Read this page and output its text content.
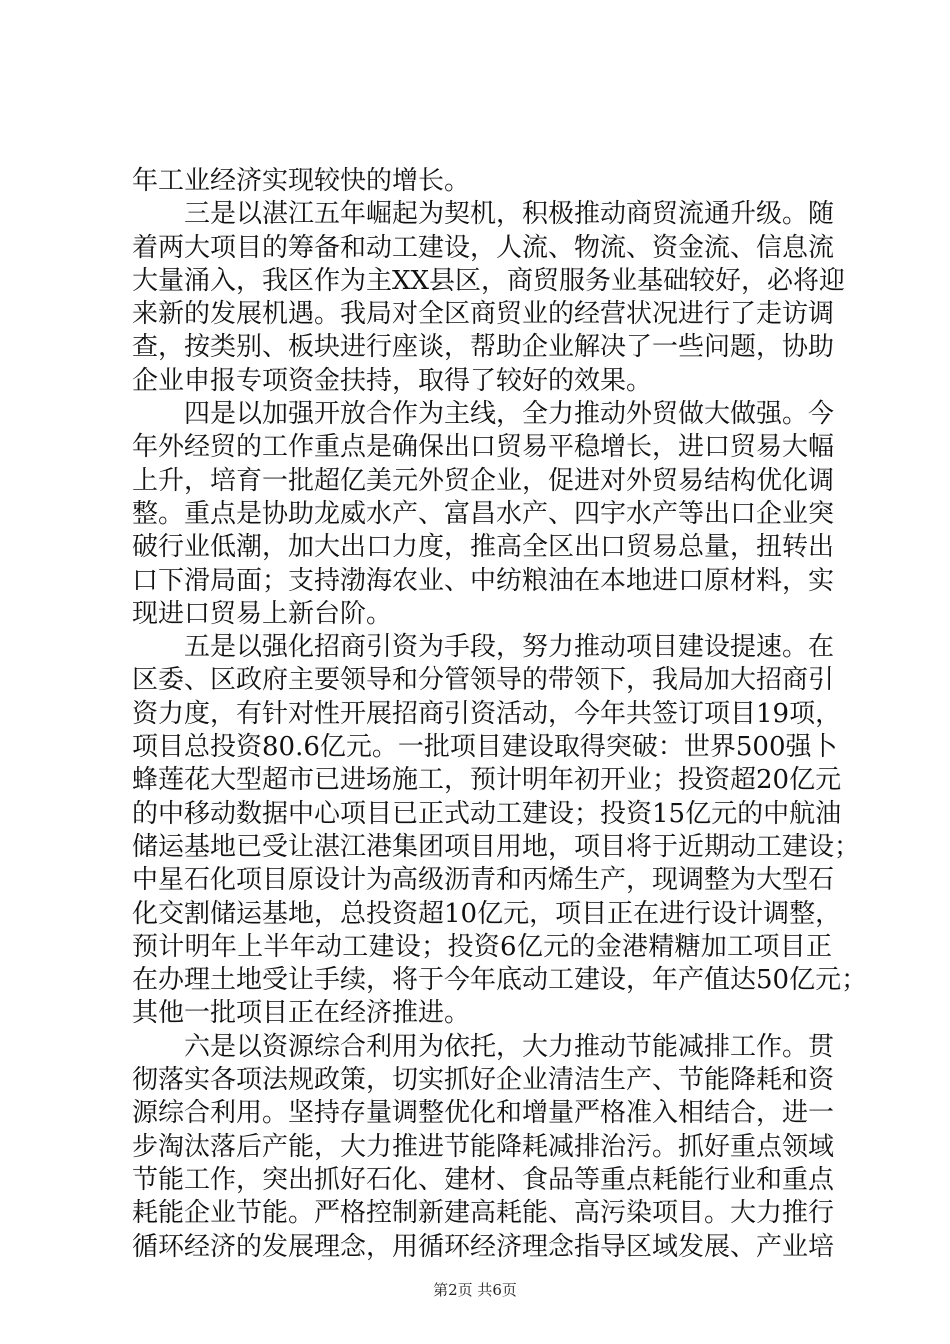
年工业经济实现较快的增长。
三是以湛江五年崛起为契机，积极推动商贸流通升级。随
着两大项目的筹备和动工建设，人流、物流、资金流、信息流
大量涌入，我区作为主XX县区，商贸服务业基础较好，必将迎
来新的发展机遇。我局对全区商贸业的经营状况进行了走访调
查，按类别、板块进行座谈，帮助企业解决了一些问题，协助
企业申报专项资金扶持，取得了较好的效果。
四是以加强开放合作为主线，全力推动外贸做大做强。今
年外经贸的工作重点是确保出口贸易平稳增长，进口贸易大幅
上升，培育一批超亿美元外贸企业，促进对外贸易结构优化调
整。重点是协助龙威水产、富昌水产、四宇水产等出口企业突
破行业低潮，加大出口力度，推高全区出口贸易总量，扭转出
口下滑局面；支持渤海农业、中纺粮油在本地进口原材料，实
现进口贸易上新台阶。
五是以强化招商引资为手段，努力推动项目建设提速。在
区委、区政府主要领导和分管领导的带领下，我局加大招商引
资力度，有针对性开展招商引资活动，今年共签订项目19项，
项目总投资80.6亿元。一批项目建设取得突破：世界500强卜
蜂莲花大型超市已进场施工，预计明年初开业；投资超20亿元
的中移动数据中心项目已正式动工建设；投资15亿元的中航油
储运基地已受让湛江港集团项目用地，项目将于近期动工建设；
中星石化项目原设计为高级沥青和丙烯生产，现调整为大型石
化交割储运基地，总投资超10亿元，项目正在进行设计调整，
预计明年上半年动工建设；投资6亿元的金港精糖加工项目正
在办理土地受让手续，将于今年底动工建设，年产值达50亿元；
其他一批项目正在经济推进。
六是以资源综合利用为依托，大力推动节能减排工作。贯
彻落实各项法规政策，切实抓好企业清洁生产、节能降耗和资
源综合利用。坚持存量调整优化和增量严格准入相结合，进一
步淘汰落后产能，大力推进节能降耗减排治污。抓好重点领域
节能工作，突出抓好石化、建材、食品等重点耗能行业和重点
耗能企业节能。严格控制新建高耗能、高污染项目。大力推行
循环经济的发展理念，用循环经济理念指导区域发展、产业培
第2页 共6页
